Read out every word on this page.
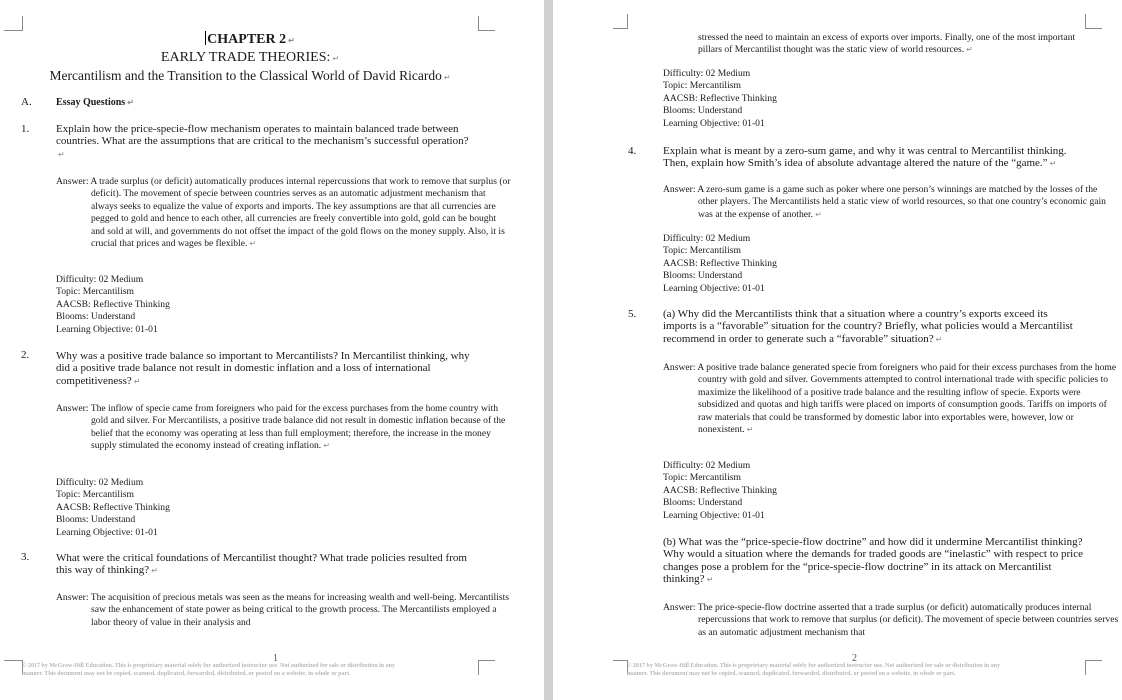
CHAPTER 2 ↵
EARLY TRADE THEORIES: ↵
Mercantilism and the Transition to the Classical World of David Ricardo ↵
A. Essay Questions ↵
1. Explain how the price-specie-flow mechanism operates to maintain balanced trade between countries. What are the assumptions that are critical to the mechanism’s successful operation?↵
Answer: A trade surplus (or deficit) automatically produces internal repercussions that work to remove that surplus (or deficit). The movement of specie between countries serves as an automatic adjustment mechanism that always seeks to equalize the value of exports and imports. The key assumptions are that all currencies are pegged to gold and hence to each other, all currencies are freely convertible into gold, gold can be bought and sold at will, and governments do not offset the impact of the gold flows on the money supply. Also, it is crucial that prices and wages be flexible. ↵
Difficulty: 02 Medium
Topic: Mercantilism
AACSB: Reflective Thinking
Blooms: Understand
Learning Objective: 01-01
2. Why was a positive trade balance so important to Mercantilists? In Mercantilist thinking, why did a positive trade balance not result in domestic inflation and a loss of international competitiveness? ↵
Answer: The inflow of specie came from foreigners who paid for the excess purchases from the home country with gold and silver. For Mercantilists, a positive trade balance did not result in domestic inflation because of the belief that the economy was operating at less than full employment; therefore, the increase in the money supply stimulated the economy instead of creating inflation. ↵
Difficulty: 02 Medium
Topic: Mercantilism
AACSB: Reflective Thinking
Blooms: Understand
Learning Objective: 01-01
3. What were the critical foundations of Mercantilist thought? What trade policies resulted from this way of thinking? ↵
Answer: The acquisition of precious metals was seen as the means for increasing wealth and well-being. Mercantilists saw the enhancement of state power as being critical to the growth process. The Mercantilists employed a labor theory of value in their analysis and
1
© 2017 by McGraw-Hill Education. This is proprietary material solely for authorized instructor use. Not authorized for sale or distribution in any
manner. This document may not be copied, scanned, duplicated, forwarded, distributed, or posted on a website, in whole or part.
stressed the need to maintain an excess of exports over imports. Finally, one of the most important pillars of Mercantilist thought was the static view of world resources. ↵
Difficulty: 02 Medium
Topic: Mercantilism
AACSB: Reflective Thinking
Blooms: Understand
Learning Objective: 01-01
4. Explain what is meant by a zero-sum game, and why it was central to Mercantilist thinking. Then, explain how Smith’s idea of absolute advantage altered the nature of the “game.” ↵
Answer: A zero-sum game is a game such as poker where one person’s winnings are matched by the losses of the other players. The Mercantilists held a static view of world resources, so that one country’s economic gain was at the expense of another. ↵
Difficulty: 02 Medium
Topic: Mercantilism
AACSB: Reflective Thinking
Blooms: Understand
Learning Objective: 01-01
5. (a) Why did the Mercantilists think that a situation where a country’s exports exceed its imports is a “favorable” situation for the country? Briefly, what policies would a Mercantilist recommend in order to generate such a “favorable” situation? ↵
Answer: A positive trade balance generated specie from foreigners who paid for their excess purchases from the home country with gold and silver. Governments attempted to control international trade with specific policies to maximize the likelihood of a positive trade balance and the resulting inflow of specie. Exports were subsidized and quotas and high tariffs were placed on imports of consumption goods. Tariffs on imports of raw materials that could be transformed by domestic labor into exportables were, however, low or nonexistent. ↵
Difficulty: 02 Medium
Topic: Mercantilism
AACSB: Reflective Thinking
Blooms: Understand
Learning Objective: 01-01
(b) What was the “price-specie-flow doctrine” and how did it undermine Mercantilist thinking? Why would a situation where the demands for traded goods are “inelastic” with respect to price changes pose a problem for the “price-specie-flow doctrine” in its attack on Mercantilist thinking? ↵
Answer: The price-specie-flow doctrine asserted that a trade surplus (or deficit) automatically produces internal repercussions that work to remove that surplus (or deficit). The movement of specie between countries serves as an automatic adjustment mechanism that
2
© 2017 by McGraw-Hill Education. This is proprietary material solely for authorized instructor use. Not authorized for sale or distribution in any
manner. This document may not be copied, scanned, duplicated, forwarded, distributed, or posted on a website, in whole or part.
